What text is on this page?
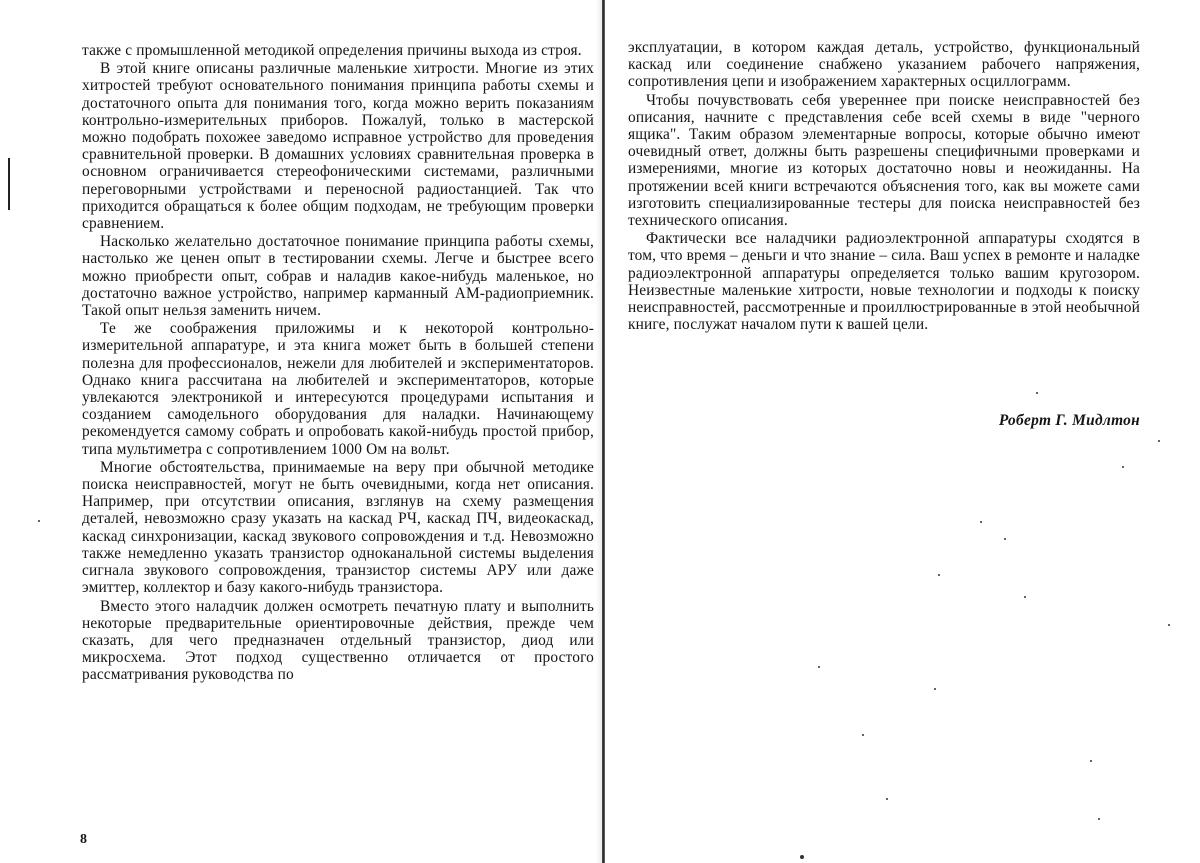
также с промышленной методикой определения причины выхода из строя.

В этой книге описаны различные маленькие хитрости. Многие из этих хитростей требуют основательного понимания принципа работы схемы и достаточного опыта для понимания того, когда можно верить показаниям контрольно-измерительных приборов. Пожалуй, только в мастерской можно подобрать похожее заведомо исправное устройство для проведения сравнительной проверки. В домашних условиях сравнительная проверка в основном ограничивается стереофоническими системами, различными переговорными устройствами и переносной радиостанцией. Так что приходится обращаться к более общим подходам, не требующим проверки сравнением.

Насколько желательно достаточное понимание принципа работы схемы, настолько же ценен опыт в тестировании схемы. Легче и быстрее всего можно приобрести опыт, собрав и наладив какое-нибудь маленькое, но достаточно важное устройство, например карманный АМ-радиоприемник. Такой опыт нельзя заменить ничем.

Те же соображения приложимы и к некоторой контрольно-измерительной аппаратуре, и эта книга может быть в большей степени полезна для профессионалов, нежели для любителей и экспериментаторов. Однако книга рассчитана на любителей и экспериментаторов, которые увлекаются электроникой и интересуются процедурами испытания и созданием самодельного оборудования для наладки. Начинающему рекомендуется самому собрать и опробовать какой-нибудь простой прибор, типа мультиметра с сопротивлением 1000 Ом на вольт.

Многие обстоятельства, принимаемые на веру при обычной методике поиска неисправностей, могут не быть очевидными, когда нет описания. Например, при отсутствии описания, взглянув на схему размещения деталей, невозможно сразу указать на каскад РЧ, каскад ПЧ, видеокаскад, каскад синхронизации, каскад звукового сопровождения и т.д. Невозможно также немедленно указать транзистор одноканальной системы выделения сигнала звукового сопровождения, транзистор системы АРУ или даже эмиттер, коллектор и базу какого-нибудь транзистора.

Вместо этого наладчик должен осмотреть печатную плату и выполнить некоторые предварительные ориентировочные действия, прежде чем сказать, для чего предназначен отдельный транзистор, диод или микросхема. Этот подход существенно отличается от простого рассматривания руководства по

8

эксплуатации, в котором каждая деталь, устройство, функциональный каскад или соединение снабжено указанием рабочего напряжения, сопротивления цепи и изображением характерных осциллограмм.

Чтобы почувствовать себя увереннее при поиске неисправностей без описания, начните с представления себе всей схемы в виде "черного ящика". Таким образом элементарные вопросы, которые обычно имеют очевидный ответ, должны быть разрешены специфичными проверками и измерениями, многие из которых достаточно новы и неожиданны. На протяжении всей книги встречаются объяснения того, как вы можете сами изготовить специализированные тестеры для поиска неисправностей без технического описания.

Фактически все наладчики радиоэлектронной аппаратуры сходятся в том, что время – деньги и что знание – сила. Ваш успех в ремонте и наладке радиоэлектронной аппаратуры определяется только вашим кругозором. Неизвестные маленькие хитрости, новые технологии и подходы к поиску неисправностей, рассмотренные и проиллюстрированные в этой необычной книге, послужат началом пути к вашей цели.

Роберт Г. Мидлтон
